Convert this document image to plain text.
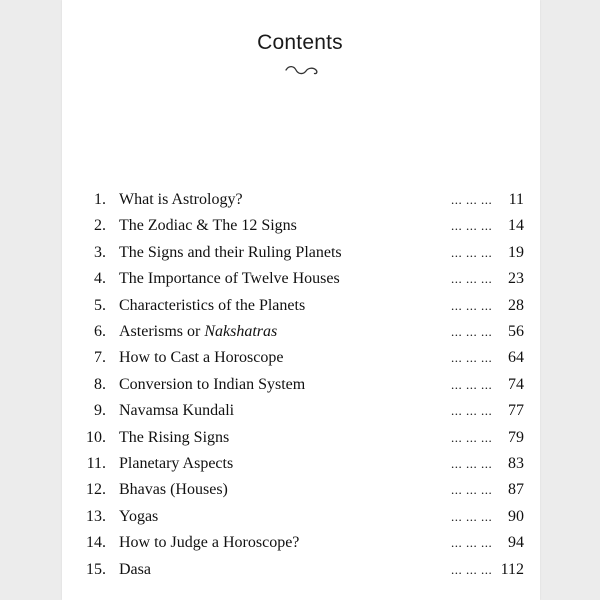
Contents
1. What is Astrology?	... ... ... 11
2. The Zodiac & The 12 Signs	... ... ... 14
3. The Signs and their Ruling Planets	... ... ... 19
4. The Importance of Twelve Houses	... ... ... 23
5. Characteristics of the Planets	... ... ... 28
6. Asterisms or Nakshatras	... ... ... 56
7. How to Cast a Horoscope	... ... ... 64
8. Conversion to Indian System	... ... ... 74
9. Navamsa Kundali	... ... ... 77
10. The Rising Signs	... ... ... 79
11. Planetary Aspects	... ... ... 83
12. Bhavas (Houses)	... ... ... 87
13. Yogas	... ... ... 90
14. How to Judge a Horoscope?	... ... ... 94
15. Dasa	... ... ... 112
